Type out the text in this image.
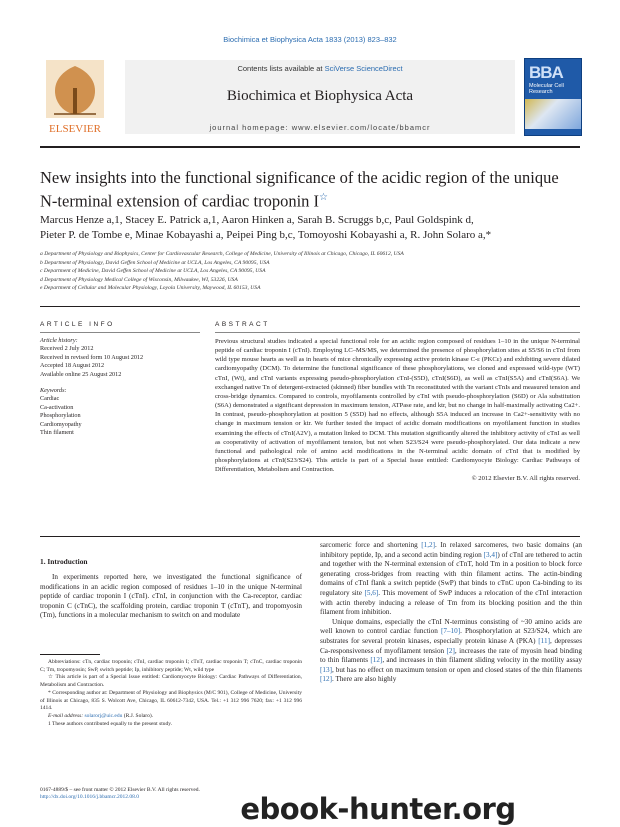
Biochimica et Biophysica Acta 1833 (2013) 823–832
Contents lists available at SciVerse ScienceDirect
Biochimica et Biophysica Acta
journal homepage: www.elsevier.com/locate/bbamcr
ELSEVIER
BBA
Molecular Cell Research
New insights into the functional significance of the acidic region of the unique
N-terminal extension of cardiac troponin I☆
Marcus Henze a,1, Stacey E. Patrick a,1, Aaron Hinken a, Sarah B. Scruggs b,c, Paul Goldspink d,
Pieter P. de Tombe e, Minae Kobayashi a, Peipei Ping b,c, Tomoyoshi Kobayashi a, R. John Solaro a,*
a Department of Physiology and Biophysics, Center for Cardiovascular Research, College of Medicine, University of Illinois at Chicago, Chicago, IL 60612, USA
b Department of Physiology, David Geffen School of Medicine at UCLA, Los Angeles, CA 90095, USA
c Department of Medicine, David Geffen School of Medicine at UCLA, Los Angeles, CA 90095, USA
d Department of Physiology Medical College of Wisconsin, Milwaukee, WI, 53226, USA
e Department of Cellular and Molecular Physiology, Loyola University, Maywood, IL 60153, USA
ARTICLE INFO	ABSTRACT
Article history:
Received 2 July 2012
Received in revised form 10 August 2012
Accepted 18 August 2012
Available online 25 August 2012
Keywords:
Cardiac
Ca-activation
Phosphorylation
Cardiomyopathy
Thin filament
Previous structural studies indicated a special functional role for an acidic region composed of residues 1–10 in the unique N-terminal peptide of cardiac troponin I (cTnI). Employing LC–MS/MS, we determined the presence of phosphorylation sites at S5/S6 in cTnI from wild type mouse hearts as well as in hearts of mice chronically expressing active protein kinase C-ε (PKCε) and exhibiting severe dilated cardiomyopathy (DCM). To determine the functional significance of these phosphorylations, we cloned and expressed wild-type (WT) cTnI, (Wt), and cTnI variants expressing pseudo-phosphorylation cTnI-(S5D), cTnI(S6D), as well as cTnI(S5A) and cTnI(S6A). We exchanged native Tn of detergent-extracted (skinned) fiber bundles with Tn reconstituted with the variant cTnIs and measured tension and cross-bridge dynamics. Compared to controls, myofilaments controlled by cTnI with pseudo-phosphorylation (S6D) or Ala substitution (S6A) demonstrated a significant depression in maximum tension, ATPase rate, and ktr, but no change in half-maximally activating Ca2+. In contrast, pseudo-phosphorylation at position 5 (S5D) had no effects, although S5A induced an increase in Ca2+-sensitivity with no change in maximum tension or ktr. We further tested the impact of acidic domain modifications on myofilament function in studies examining the effects of cTnI(A2V), a mutation linked to DCM. This mutation significantly altered the inhibitory activity of cTnI as well as cooperativity of activation of myofilament tension, but not when S23/S24 were pseudo-phosphorylated. Our data indicate a new functional and pathological role of amino acid modifications in the N-terminal acidic domain of cTnI that is modified by phosphorylations at cTnI(S23/S24). This article is part of a Special Issue entitled: Cardiomyocyte Biology: Cardiac Pathways of Differentiation, Metabolism and Contraction.
© 2012 Elsevier B.V. All rights reserved.
1. Introduction

In experiments reported here, we investigated the functional significance of modifications in an acidic region composed of residues 1–10 in the unique N-terminal peptide of cardiac troponin I (cTnI). cTnI, in conjunction with the Ca-receptor, cardiac troponin C (cTnC), the scaffolding protein, cardiac troponin T (cTnT), and tropomyosin (Tm), functions in a molecular mechanism to switch on and modulate

sarcomeric force and shortening [1,2]. In relaxed sarcomeres, two basic domains (an inhibitory peptide, Ip, and a second actin binding region [3,4]) of cTnI are tethered to actin and together with the N-terminal extension of cTnT, hold Tm in a position to block force generating cross-bridges from reacting with thin filament actins. The actin-binding domains of cTnI flank a switch peptide (SwP) that binds to cTnC upon Ca-binding to its regulatory site [5,6]. This movement of SwP induces a relocation of the cTnI interaction with actin thereby inducing a release of Tm from its blocking position and the thin filament from inhibition.

Unique domains, especially the cTnI N-terminus consisting of ~30 amino acids are well known to control cardiac function [7–10]. Phosphorylation at S23/S24, which are substrates for several protein kinases, especially protein kinase A (PKA) [11], depresses Ca-responsiveness of myofilament tension [2], increases the rate of myosin head binding to thin filaments [12], and increases in thin filament sliding velocity in the motility assay [13], but has no effect on maximum tension or open and closed states of the thin filaments [12]. There are also highly

Abbreviations: cTn, cardiac troponin; cTnI, cardiac troponin I; cTnT, cardiac troponin T; cTnC, cardiac troponin C; Tm, tropomyosin; SwP, switch peptide; Ip, inhibitory peptide; Wt, wild type

☆ This article is part of a Special Issue entitled: Cardiomyocyte Biology: Cardiac Pathways of Differentiation, Metabolism and Contraction.

* Corresponding author at: Department of Physiology and Biophysics (M/C 901), College of Medicine, University of Illinois at Chicago, 835 S. Wolcott Ave, Chicago, IL 60612-7342, USA. Tel.: +1 312 996 7620; fax: +1 312 996 1414.

E-mail address: solarorj@uic.edu (R.J. Solaro).

1 These authors contributed equally to the present study.

0167-4889/$ – see front matter © 2012 Elsevier B.V. All rights reserved.
http://dx.doi.org/10.1016/j.bbamcr.2012.08.0	ebook-hunter.org
